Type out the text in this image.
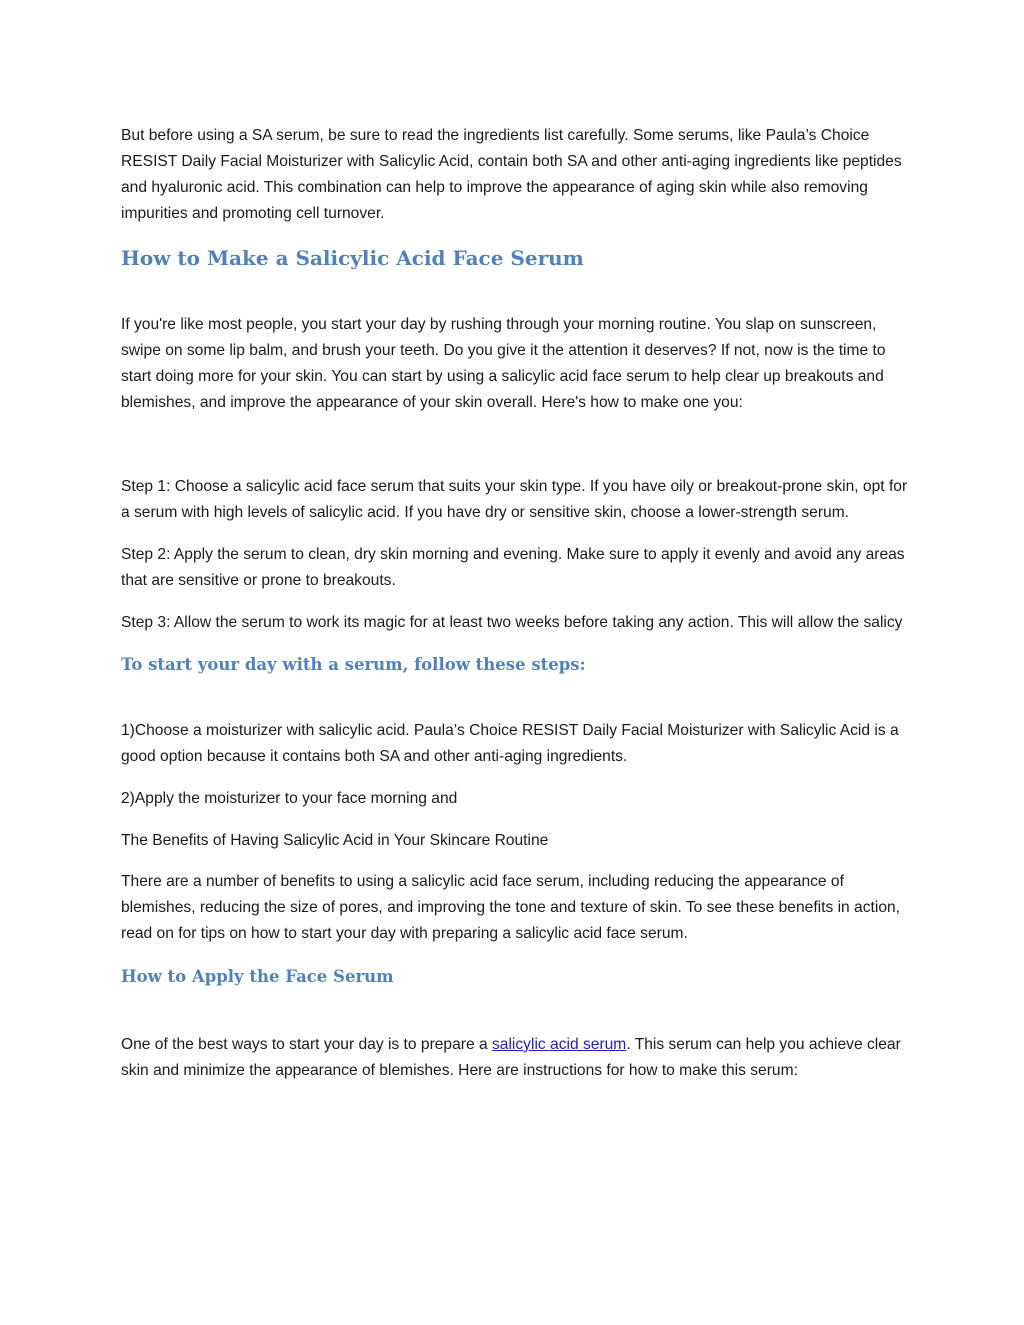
But before using a SA serum, be sure to read the ingredients list carefully. Some serums, like Paula’s Choice RESIST Daily Facial Moisturizer with Salicylic Acid, contain both SA and other anti-aging ingredients like peptides and hyaluronic acid. This combination can help to improve the appearance of aging skin while also removing impurities and promoting cell turnover.

How to Make a Salicylic Acid Face Serum

If you're like most people, you start your day by rushing through your morning routine. You slap on sunscreen, swipe on some lip balm, and brush your teeth. Do you give it the attention it deserves? If not, now is the time to start doing more for your skin. You can start by using a salicylic acid face serum to help clear up breakouts and blemishes, and improve the appearance of your skin overall. Here's how to make one you:

Step 1: Choose a salicylic acid face serum that suits your skin type. If you have oily or breakout-prone skin, opt for a serum with high levels of salicylic acid. If you have dry or sensitive skin, choose a lower-strength serum.

Step 2: Apply the serum to clean, dry skin morning and evening. Make sure to apply it evenly and avoid any areas that are sensitive or prone to breakouts.

Step 3: Allow the serum to work its magic for at least two weeks before taking any action. This will allow the salicy

To start your day with a serum, follow these steps:

1)Choose a moisturizer with salicylic acid. Paula’s Choice RESIST Daily Facial Moisturizer with Salicylic Acid is a good option because it contains both SA and other anti-aging ingredients.

2)Apply the moisturizer to your face morning and

The Benefits of Having Salicylic Acid in Your Skincare Routine

There are a number of benefits to using a salicylic acid face serum, including reducing the appearance of blemishes, reducing the size of pores, and improving the tone and texture of skin. To see these benefits in action, read on for tips on how to start your day with preparing a salicylic acid face serum.

How to Apply the Face Serum

One of the best ways to start your day is to prepare a salicylic acid serum. This serum can help you achieve clear skin and minimize the appearance of blemishes. Here are instructions for how to make this serum:
